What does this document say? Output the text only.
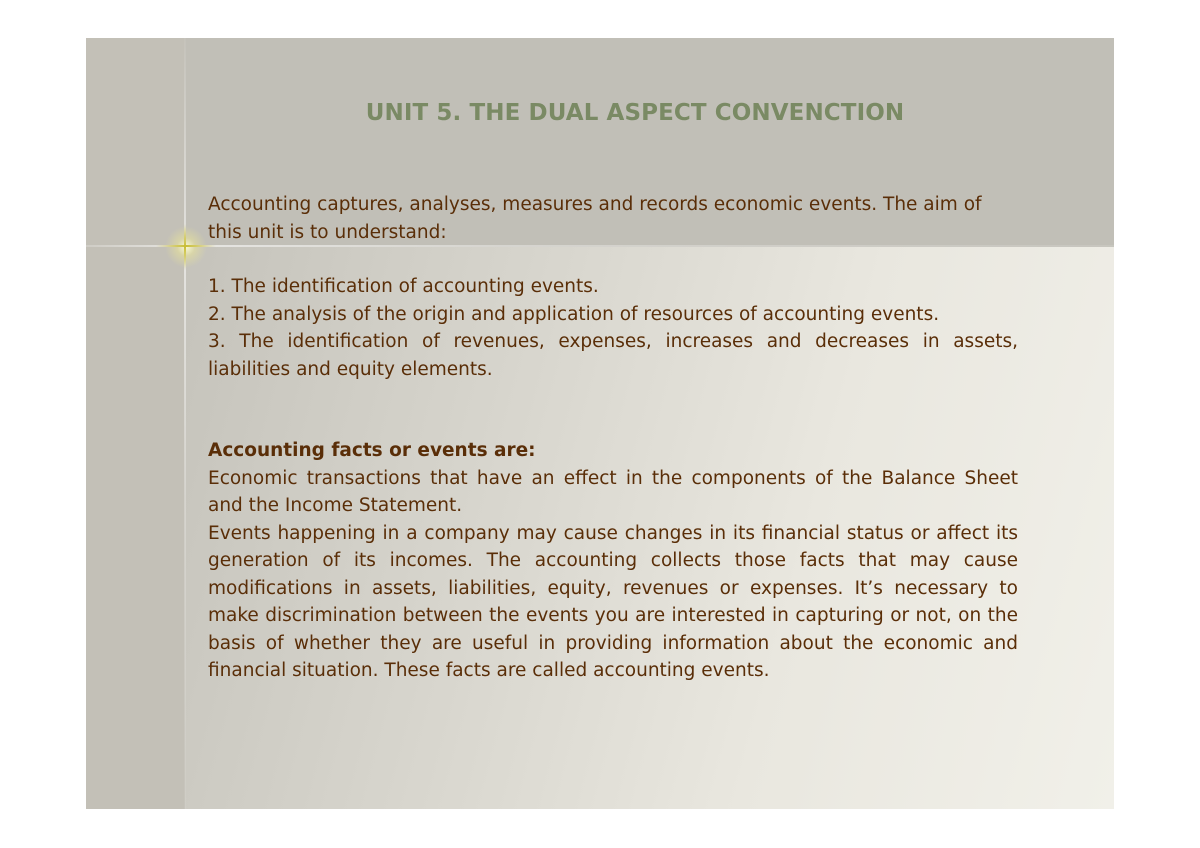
UNIT 5. THE DUAL ASPECT CONVENCTION

Accounting captures, analyses, measures and records economic events. The aim of this unit is to understand:

1. The identification of accounting events.

2. The analysis of the origin and application of resources of accounting events.

3. The identification of revenues, expenses, increases and decreases in assets, liabilities and equity elements.

Accounting facts or events are:

Economic transactions that have an effect in the components of the Balance Sheet and the Income Statement.

Events happening in a company may cause changes in its financial status or affect its generation of its incomes. The accounting collects those facts that may cause modifications in assets, liabilities, equity, revenues or expenses. It’s necessary to make discrimination between the events you are interested in capturing or not, on the basis of whether they are useful in providing information about the economic and financial situation. These facts are called accounting events.
